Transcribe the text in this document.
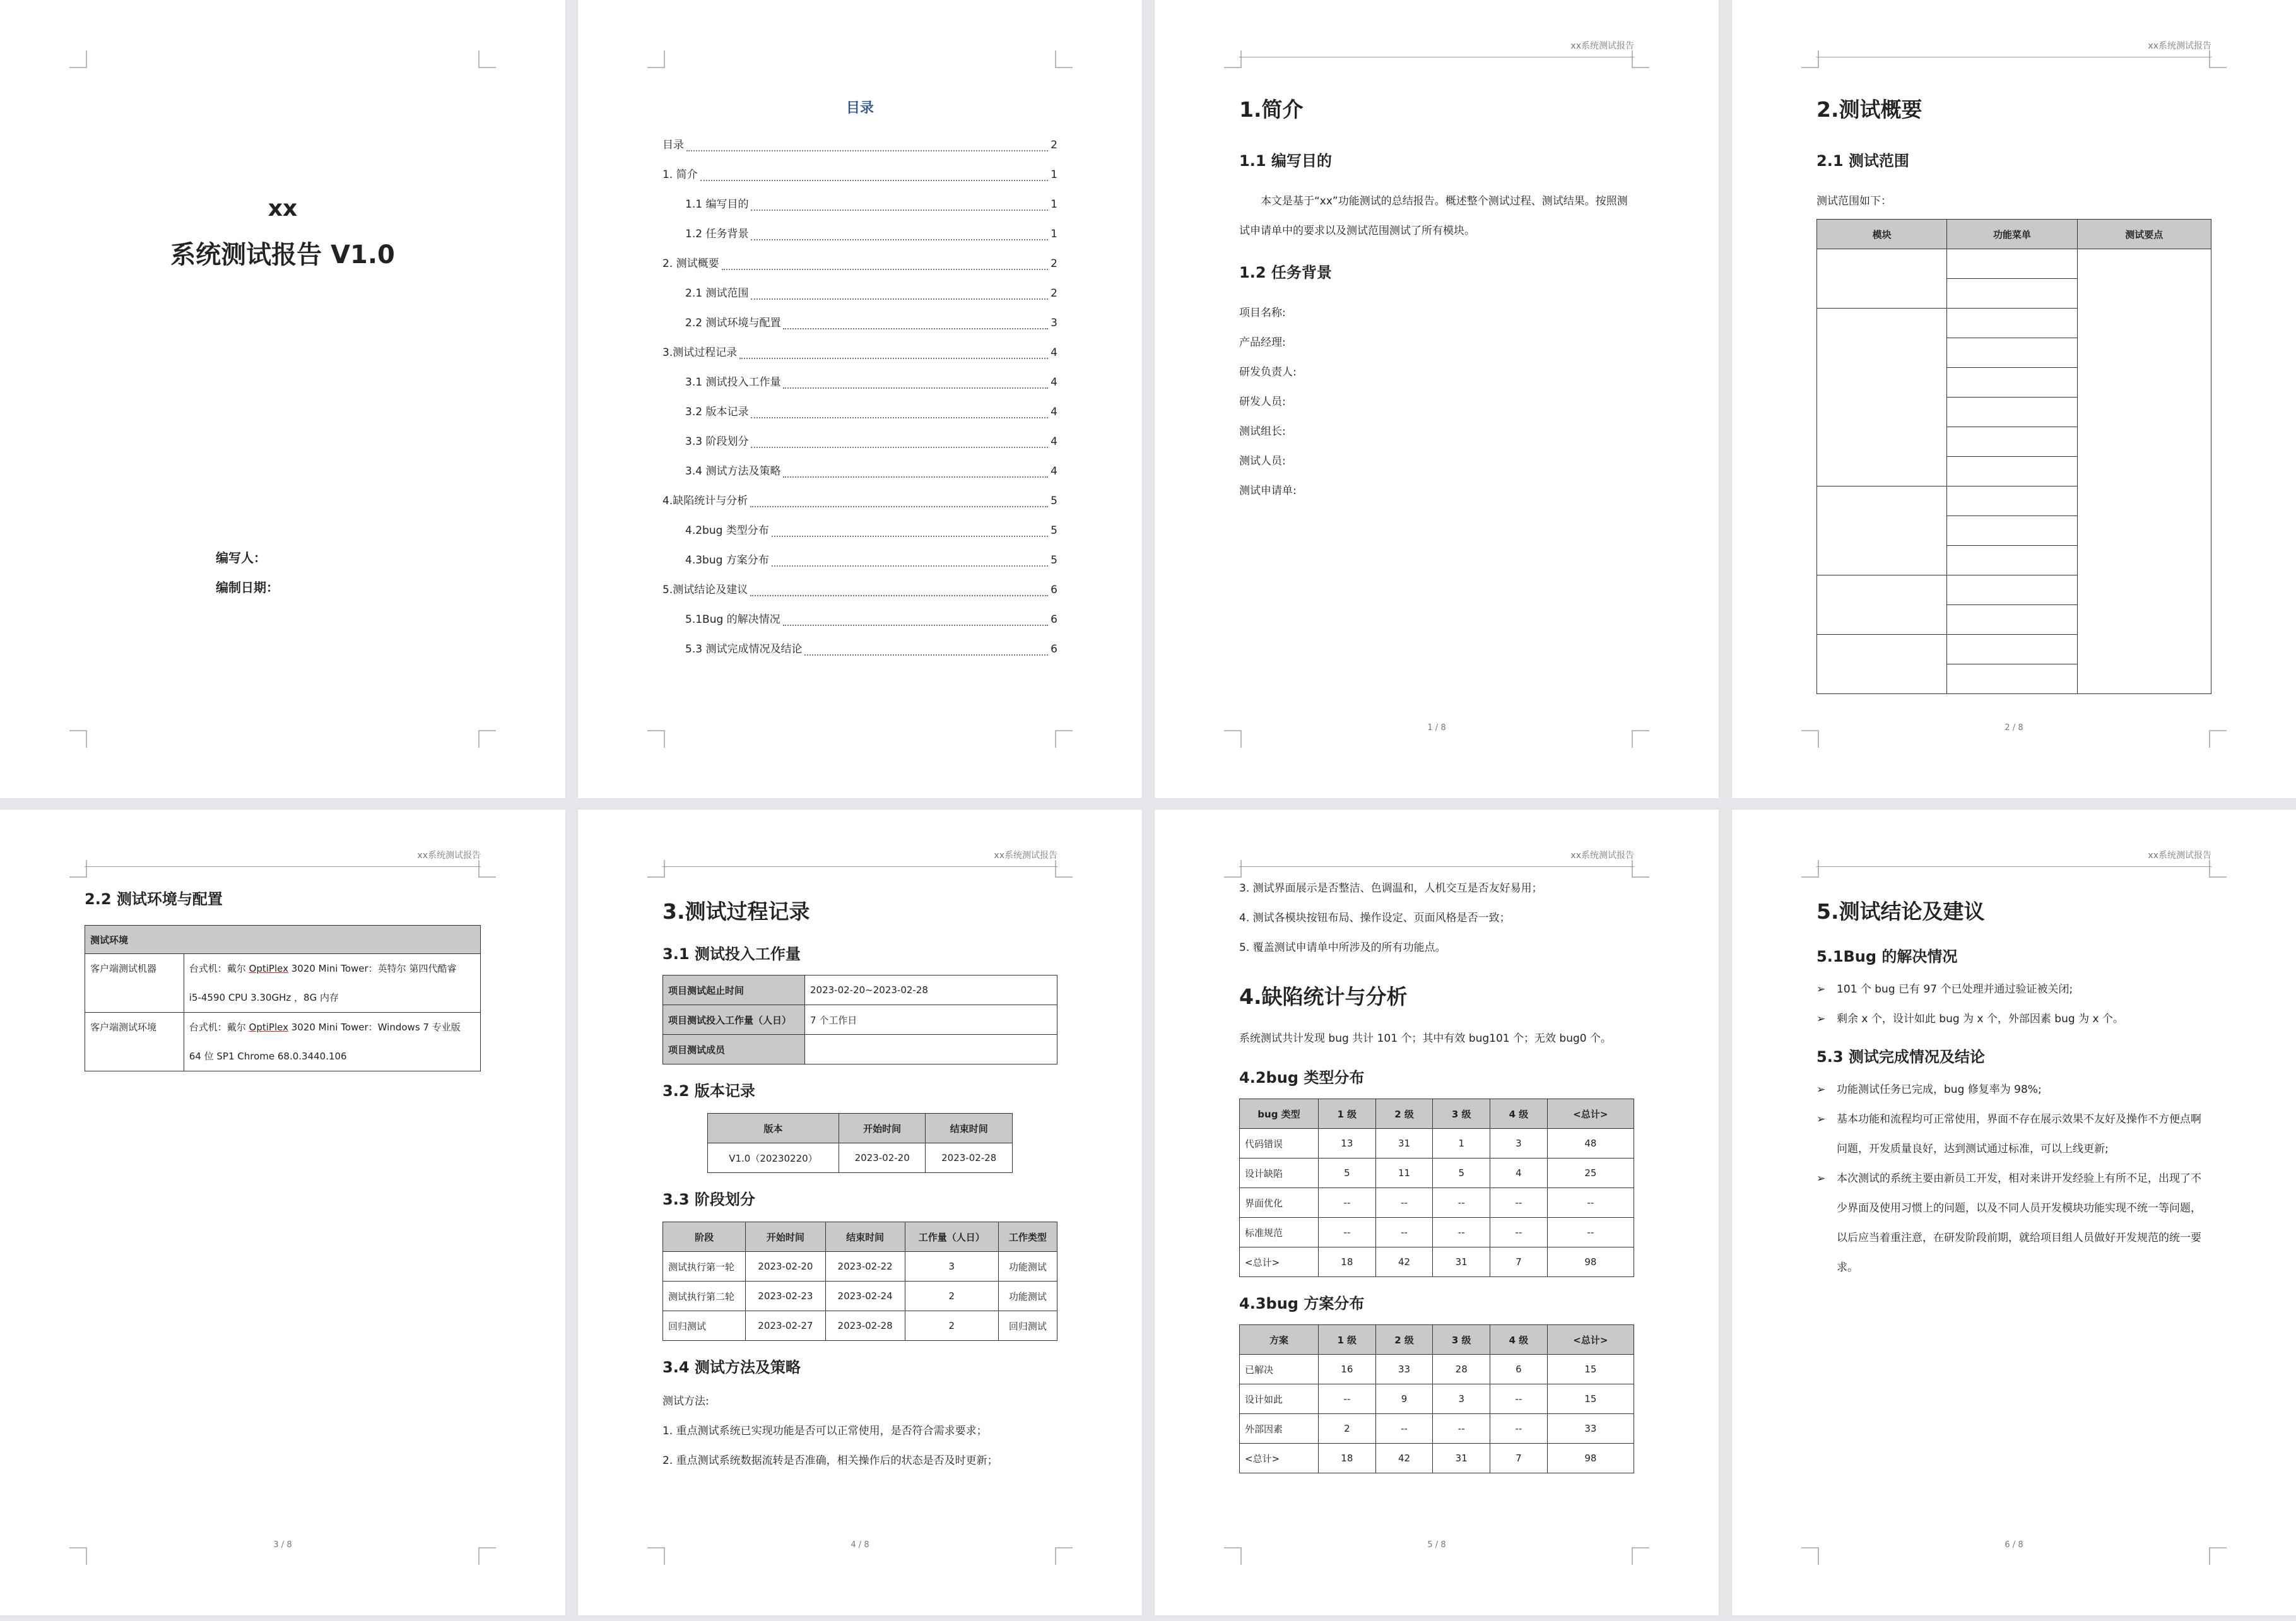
xx
系统测试报告 V1.0
编写人：
编制日期：
目录
目录	2
1. 简介	1
1.1 编写目的	1
1.2 任务背景	1
2. 测试概要	2
2.1 测试范围	2
2.2 测试环境与配置	3
3.测试过程记录	4
3.1 测试投入工作量	4
3.2 版本记录	4
3.3 阶段划分	4
3.4 测试方法及策略	4
4.缺陷统计与分析	5
4.2bug 类型分布	5
4.3bug 方案分布	5
5.测试结论及建议	6
5.1Bug 的解决情况	6
5.3 测试完成情况及结论	6
xx系统测试报告
1.简介
1.1 编写目的

本文是基于“xx”功能测试的总结报告。概述整个测试过程、测试结果。按照测试申请单中的要求以及测试范围测试了所有模块。

1.2 任务背景

项目名称:

产品经理:

研发负责人:

研发人员:

测试组长:

测试人员:

测试申请单:

1 / 8
xx系统测试报告
2.测试概要
2.1 测试范围

测试范围如下：

模块	功能菜单	测试要点

2 / 8
xx系统测试报告
2.2 测试环境与配置
测试环境	
客户端测试机器	台式机：戴尔 OptiPlex 3020 Mini Tower：英特尔 第四代酷睿
i5-4590 CPU 3.30GHz ，8G 内存
客户端测试环境	台式机：戴尔 OptiPlex 3020 Mini Tower：Windows 7 专业版
64 位 SP1 Chrome 68.0.3440.106
3 / 8
xx系统测试报告
3.测试过程记录
3.1 测试投入工作量
项目测试起止时间	2023-02-20~2023-02-28
项目测试投入工作量（人日）	7 个工作日
项目测试成员	
3.2 版本记录
版本	开始时间	结束时间
V1.0（20230220）	2023-02-20	2023-02-28
3.3 阶段划分
阶段	开始时间	结束时间	工作量（人日）	工作类型
测试执行第一轮	2023-02-20	2023-02-22	3	功能测试
测试执行第二轮	2023-02-23	2023-02-24	2	功能测试
回归测试	2023-02-27	2023-02-28	2	回归测试
3.4 测试方法及策略

测试方法:

1. 重点测试系统已实现功能是否可以正常使用，是否符合需求要求；

2. 重点测试系统数据流转是否准确，相关操作后的状态是否及时更新；

4 / 8
xx系统测试报告

3. 测试界面展示是否整洁、色调温和，人机交互是否友好易用；

4. 测试各模块按钮布局、操作设定、页面风格是否一致；

5. 覆盖测试申请单中所涉及的所有功能点。

4.缺陷统计与分析

系统测试共计发现 bug 共计 101 个；其中有效 bug101 个；无效 bug0 个。

4.2bug 类型分布
bug 类型	1 级	2 级	3 级	4 级	<总计>
代码错误	13	31	1	3	48
设计缺陷	5	11	5	4	25
界面优化	--	--	--	--	--
标准规范	--	--	--	--	--
<总计>	18	42	31	7	98
4.3bug 方案分布
方案	1 级	2 级	3 级	4 级	<总计>
已解决	16	33	28	6	15
设计如此	--	9	3	--	15
外部因素	2	--	--	--	33
<总计>	18	42	31	7	98
5 / 8
xx系统测试报告
5.测试结论及建议
5.1Bug 的解决情况
➢ 101 个 bug 已有 97 个已处理并通过验证被关闭;
➢ 剩余 x 个，设计如此 bug 为 x 个，外部因素 bug 为 x 个。
5.3 测试完成情况及结论
➢ 功能测试任务已完成，bug 修复率为 98%;
➢ 基本功能和流程均可正常使用，界面不存在展示效果不友好及操作不方便点啊问题，开发质量良好，达到测试通过标准，可以上线更新;
➢ 本次测试的系统主要由新员工开发，相对来讲开发经验上有所不足，出现了不少界面及使用习惯上的问题，以及不同人员开发模块功能实现不统一等问题，以后应当着重注意，在研发阶段前期，就给项目组人员做好开发规范的统一要求。
6 / 8
